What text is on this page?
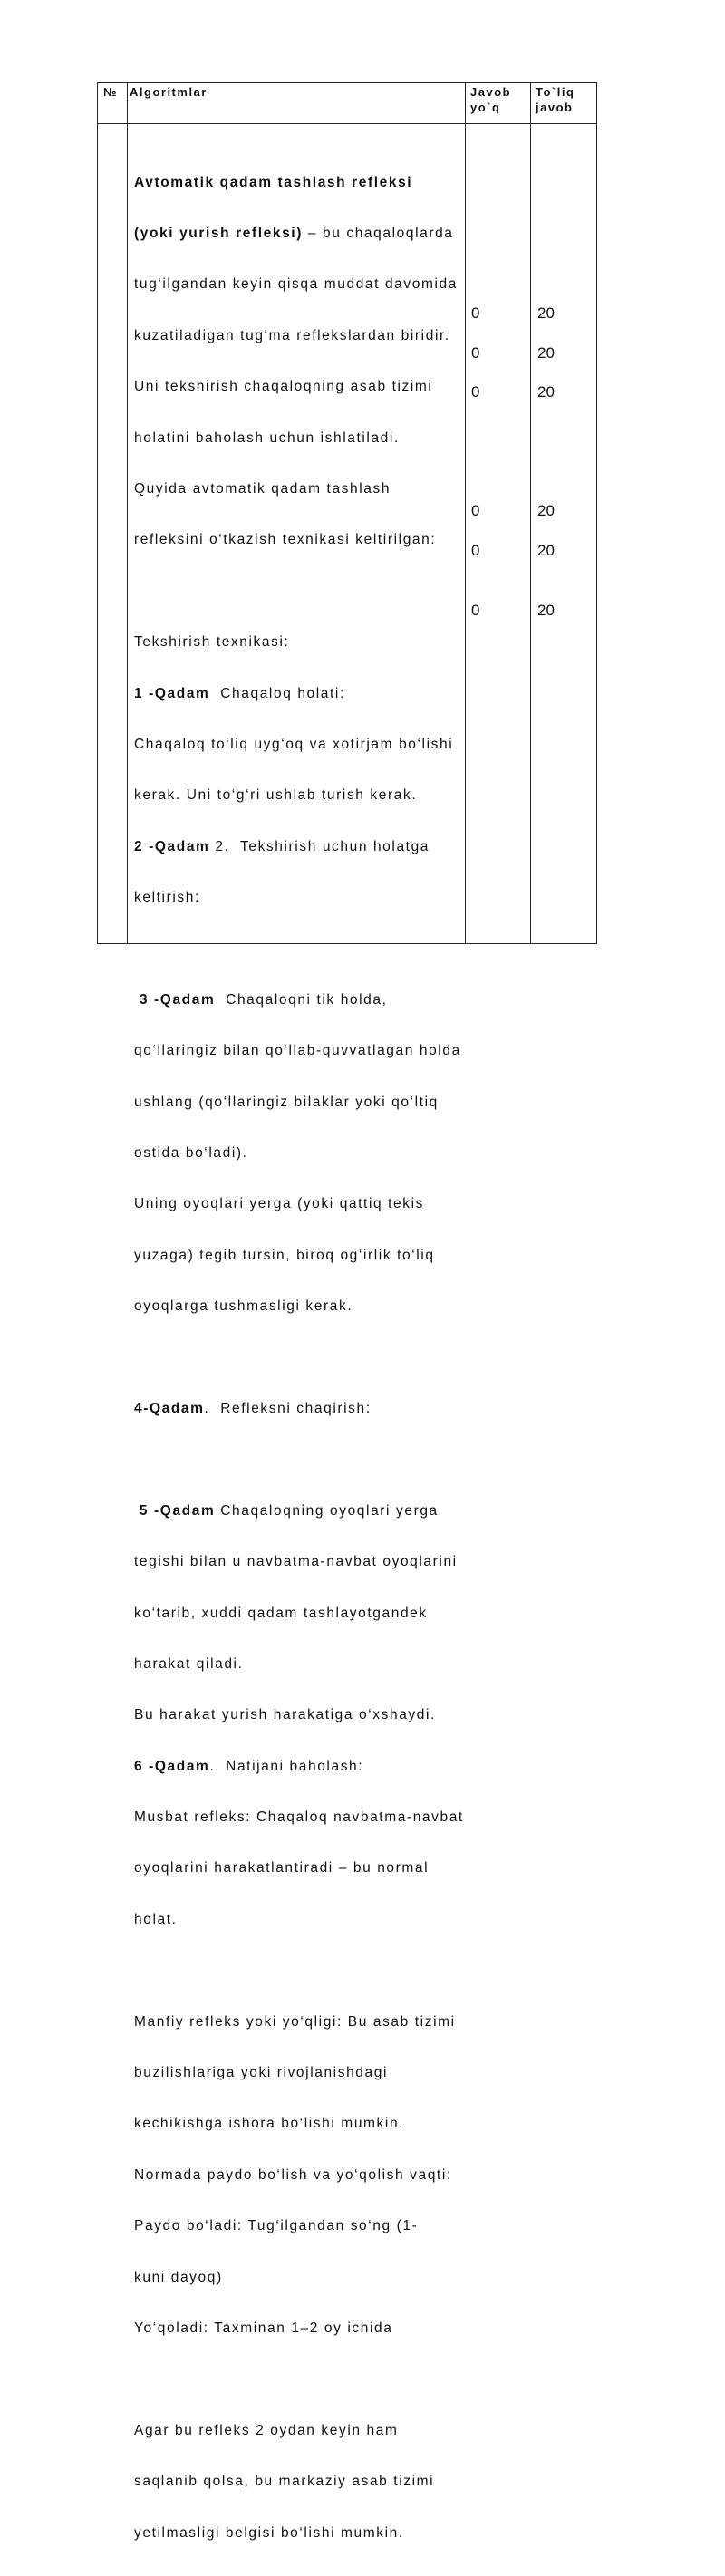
№ Algoritmlar	Javob
yo`q
To`liq
javob

Avtomatik qadam tashlash refleksi

(yoki yurish refleksi) – bu chaqaloqlarda

tug‘ilgandan keyin qisqa muddat davomida

kuzatiladigan tug‘ma reflekslardan biridir.

Uni tekshirish chaqaloqning asab tizimi

holatini baholash uchun ishlatiladi.

Quyida avtomatik qadam tashlash

refleksini o‘tkazish texnikasi keltirilgan:

Tekshirish texnikasi:

1 -Qadam  Chaqaloq holati:

Chaqaloq to‘liq uyg‘oq va xotirjam bo‘lishi

kerak. Uni to‘g‘ri ushlab turish kerak.

2 -Qadam 2.  Tekshirish uchun holatga

keltirish:

3 -Qadam  Chaqaloqni tik holda,

qo‘llaringiz bilan qo‘llab-quvvatlagan holda

ushlang (qo‘llaringiz bilaklar yoki qo‘ltiq

ostida bo‘ladi).

Uning oyoqlari yerga (yoki qattiq tekis

yuzaga) tegib tursin, biroq og‘irlik to‘liq

oyoqlarga tushmasligi kerak.

4-Qadam.  Refleksni chaqirish:

5 -Qadam Chaqaloqning oyoqlari yerga

tegishi bilan u navbatma-navbat oyoqlarini

ko‘tarib, xuddi qadam tashlayotgandek

harakat qiladi.

Bu harakat yurish harakatiga o‘xshaydi.

6 -Qadam.  Natijani baholash:

Musbat refleks: Chaqaloq navbatma-navbat

oyoqlarini harakatlantiradi – bu normal

holat.

Manfiy refleks yoki yo‘qligi: Bu asab tizimi

buzilishlariga yoki rivojlanishdagi

kechikishga ishora bo‘lishi mumkin.

Normada paydo bo‘lish va yo‘qolish vaqti:

Paydo bo‘ladi: Tug‘ilgandan so‘ng (1-

kuni dayoq)

Yo‘qoladi: Taxminan 1–2 oy ichida

Agar bu refleks 2 oydan keyin ham

saqlanib qolsa, bu markaziy asab tizimi

yetilmasligi belgisi bo‘lishi mumkin.

0
0
0
0
0
0
20
20
20
20
20
20
